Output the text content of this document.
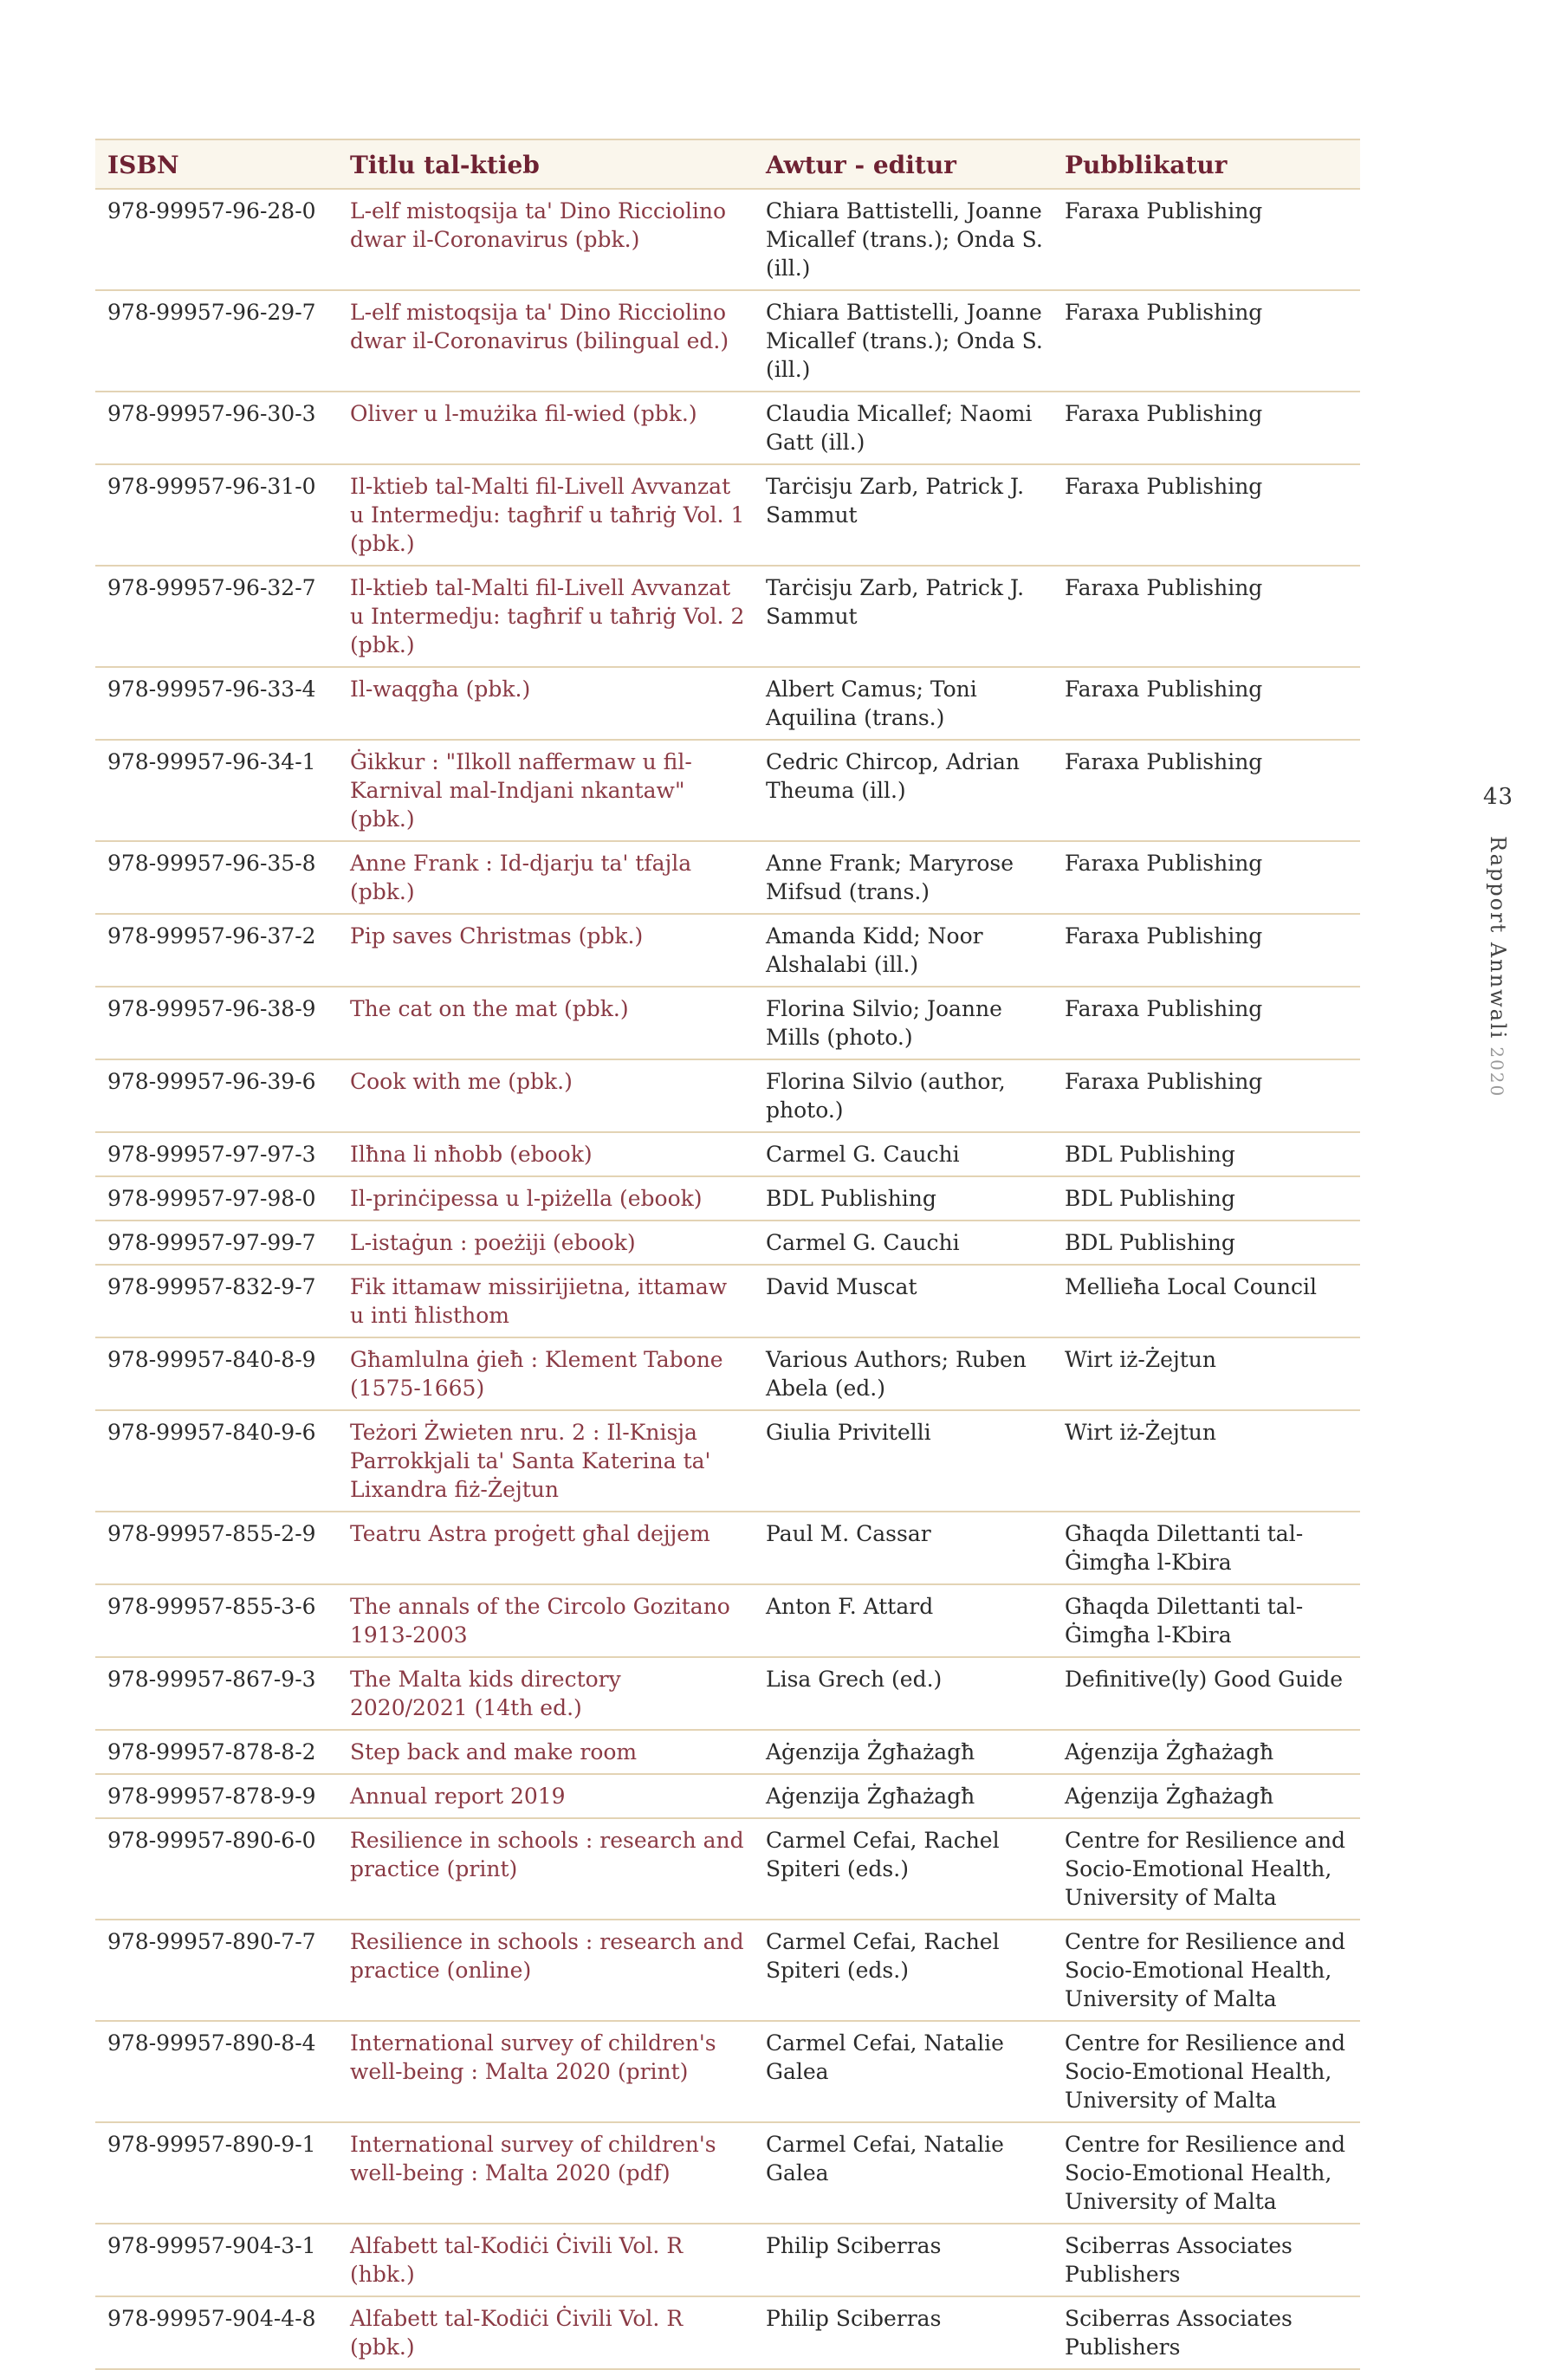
ISBN	Titlu tal-ktieb	Awtur - editur	Pubblikatur
978-99957-96-28-0	L-elf mistoqsija ta' Dino Ricciolino dwar il-Coronavirus (pbk.)	Chiara Battistelli, Joanne Micallef (trans.); Onda S. (ill.)	Faraxa Publishing
978-99957-96-29-7	L-elf mistoqsija ta' Dino Ricciolino dwar il-Coronavirus (bilingual ed.)	Chiara Battistelli, Joanne Micallef (trans.); Onda S. (ill.)	Faraxa Publishing
978-99957-96-30-3	Oliver u l-mużika fil-wied (pbk.)	Claudia Micallef; Naomi Gatt (ill.)	Faraxa Publishing
978-99957-96-31-0	Il-ktieb tal-Malti fil-Livell Avvanzat u Intermedju: tagħrif u taħriġ Vol. 1 (pbk.)	Tarċisju Zarb, Patrick J. Sammut	Faraxa Publishing
978-99957-96-32-7	Il-ktieb tal-Malti fil-Livell Avvanzat u Intermedju: tagħrif u taħriġ Vol. 2 (pbk.)	Tarċisju Zarb, Patrick J. Sammut	Faraxa Publishing
978-99957-96-33-4	Il-waqgħa (pbk.)	Albert Camus; Toni Aquilina (trans.)	Faraxa Publishing
978-99957-96-34-1	Ġikkur : "Ilkoll naffermaw u fil-Karnival mal-Indjani nkantaw" (pbk.)	Cedric Chircop, Adrian Theuma (ill.)	Faraxa Publishing
978-99957-96-35-8	Anne Frank : Id-djarju ta' tfajla (pbk.)	Anne Frank; Maryrose Mifsud (trans.)	Faraxa Publishing
978-99957-96-37-2	Pip saves Christmas (pbk.)	Amanda Kidd; Noor Alshalabi (ill.)	Faraxa Publishing
978-99957-96-38-9	The cat on the mat (pbk.)	Florina Silvio; Joanne Mills (photo.)	Faraxa Publishing
978-99957-96-39-6	Cook with me (pbk.)	Florina Silvio (author, photo.)	Faraxa Publishing
978-99957-97-97-3	Ilħna li nħobb (ebook)	Carmel G. Cauchi	BDL Publishing
978-99957-97-98-0	Il-prinċipessa u l-piżella (ebook)	BDL Publishing	BDL Publishing
978-99957-97-99-7	L-istaġun : poeżiji (ebook)	Carmel G. Cauchi	BDL Publishing
978-99957-832-9-7	Fik ittamaw missirijietna, ittamaw u inti ħlisthom	David Muscat	Mellieħa Local Council
978-99957-840-8-9	Għamlulna ġieħ : Klement Tabone (1575-1665)	Various Authors; Ruben Abela (ed.)	Wirt iż-Żejtun
978-99957-840-9-6	Teżori Żwieten nru. 2 : Il-Knisja Parrokkjali ta' Santa Katerina ta' Lixandra fiż-Żejtun	Giulia Privitelli	Wirt iż-Żejtun
978-99957-855-2-9	Teatru Astra proġett għal dejjem	Paul M. Cassar	Għaqda Dilettanti tal-Ġimgħa l-Kbira
978-99957-855-3-6	The annals of the Circolo Gozitano 1913-2003	Anton F. Attard	Għaqda Dilettanti tal-Ġimgħa l-Kbira
978-99957-867-9-3	The Malta kids directory 2020/2021 (14th ed.)	Lisa Grech (ed.)	Definitive(ly) Good Guide
978-99957-878-8-2	Step back and make room	Aġenzija Żgħażagħ	Aġenzija Żgħażagħ
978-99957-878-9-9	Annual report 2019	Aġenzija Żgħażagħ	Aġenzija Żgħażagħ
978-99957-890-6-0	Resilience in schools : research and practice (print)	Carmel Cefai, Rachel Spiteri (eds.)	Centre for Resilience and Socio-Emotional Health, University of Malta
978-99957-890-7-7	Resilience in schools : research and practice (online)	Carmel Cefai, Rachel Spiteri (eds.)	Centre for Resilience and Socio-Emotional Health, University of Malta
978-99957-890-8-4	International survey of children's well-being : Malta 2020 (print)	Carmel Cefai, Natalie Galea	Centre for Resilience and Socio-Emotional Health, University of Malta
978-99957-890-9-1	International survey of children's well-being : Malta 2020 (pdf)	Carmel Cefai, Natalie Galea	Centre for Resilience and Socio-Emotional Health, University of Malta
978-99957-904-3-1	Alfabett tal-Kodiċi Ċivili Vol. R (hbk.)	Philip Sciberras	Sciberras Associates Publishers
978-99957-904-4-8	Alfabett tal-Kodiċi Ċivili Vol. R (pbk.)	Philip Sciberras	Sciberras Associates Publishers
43
Rapport Annwali2020
